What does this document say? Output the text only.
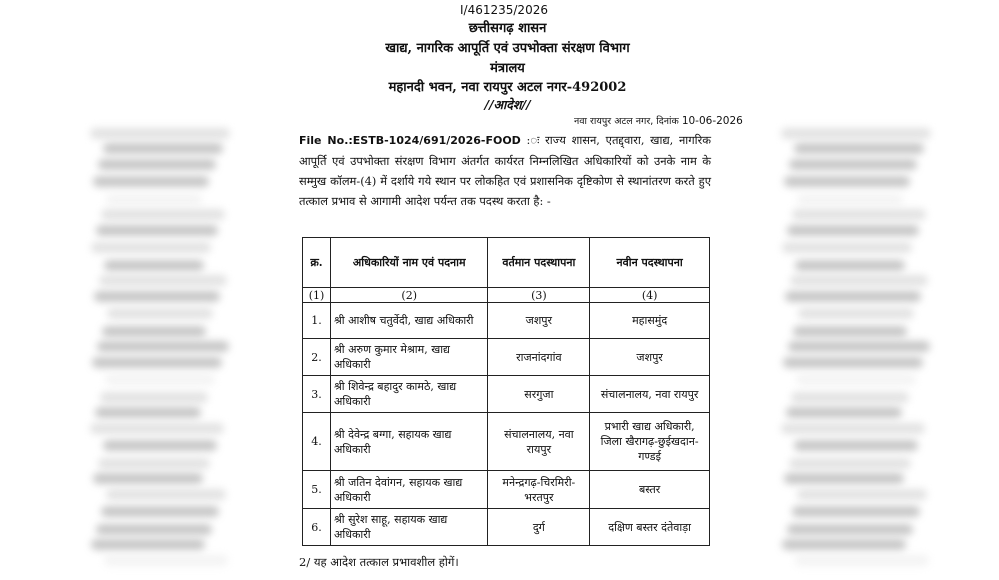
I/461235/2026
छत्तीसगढ़ शासन
खाद्य, नागरिक आपूर्ति एवं उपभोक्ता संरक्षण विभाग
मंत्रालय
महानदी भवन, नवा रायपुर अटल नगर-492002
//आदेश//
नवा रायपुर अटल नगर, दिनांक 10-06-2026
File No.:ESTB-1024/691/2026-FOOD :ः राज्य शासन, एतद्द्वारा, खाद्य, नागरिक आपूर्ति एवं उपभोक्ता संरक्षण विभाग अंतर्गत कार्यरत निम्नलिखित अधिकारियों को उनके नाम के सम्मुख कॉलम-(4) में दर्शाये गये स्थान पर लोकहित एवं प्रशासनिक दृष्टिकोण से स्थानांतरण करते हुए तत्काल प्रभाव से आगामी आदेश पर्यन्त तक पदस्थ करता है: -
क्र.	अधिकारियों नाम एवं पदनाम	वर्तमान पदस्थापना	नवीन पदस्थापना
(1)	(2)	(3)	(4)
1.	श्री आशीष चतुर्वेदी, खाद्य अधिकारी	जशपुर	महासमुंद
2.	श्री अरुण कुमार मेश्राम, खाद्य अधिकारी	राजनांदगांव	जशपुर
3.	श्री शिवेन्द्र बहादुर कामठे, खाद्य अधिकारी	सरगुजा	संचालनालय, नवा रायपुर
4.	श्री देवेन्द्र बग्गा, सहायक खाद्य अधिकारी	संचालनालय, नवा रायपुर	प्रभारी खाद्य अधिकारी, जिला खैरागढ़-छुईखदान-गण्डई
5.	श्री जतिन देवांगन, सहायक खाद्य अधिकारी	मनेन्द्रगढ़-चिरमिरी-भरतपुर	बस्तर
6.	श्री सुरेश साहू, सहायक खाद्य अधिकारी	दुर्ग	दक्षिण बस्तर दंतेवाड़ा
2/ यह आदेश तत्काल प्रभावशील होगें।
